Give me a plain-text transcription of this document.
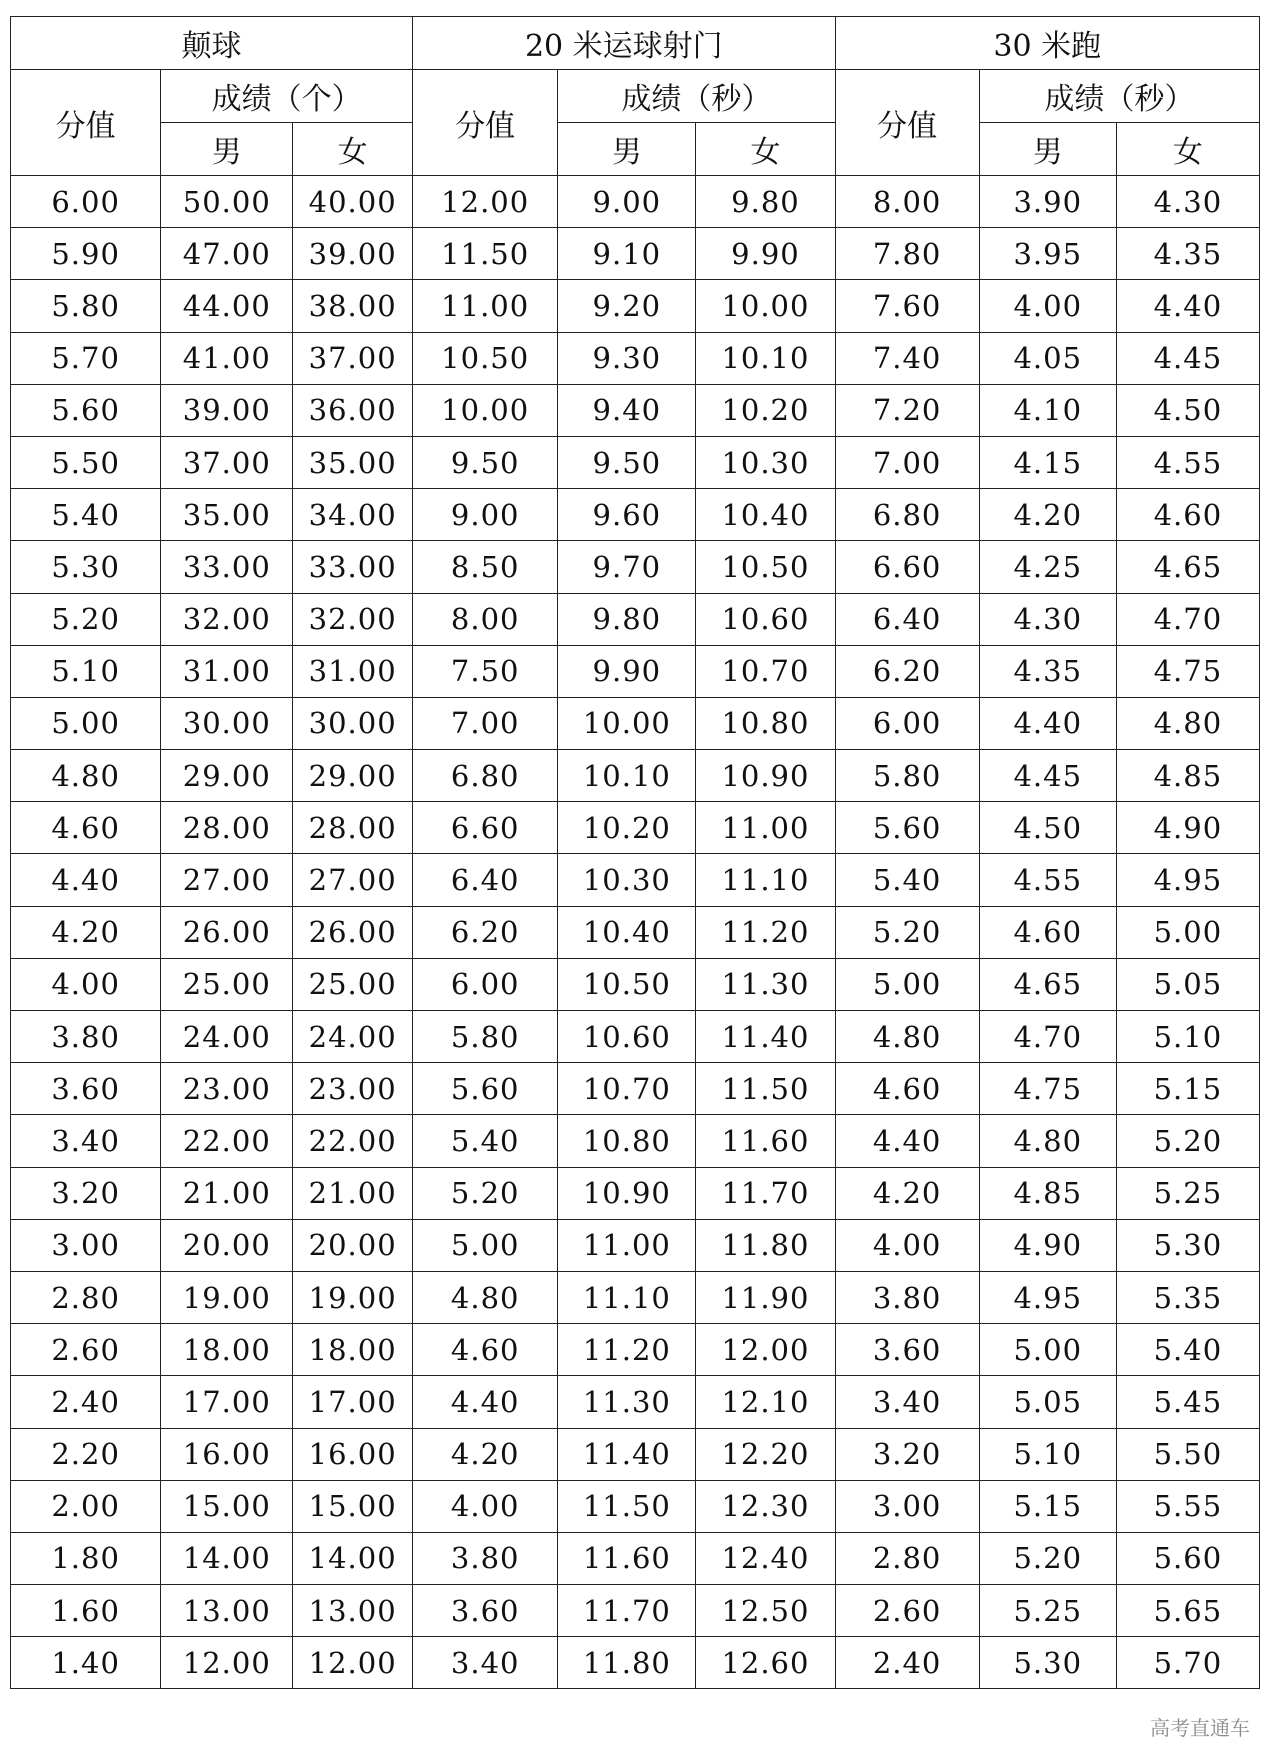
颠球			20 米运球射门			30 米跑		
分值	成绩（个）		分值	成绩（秒）		分值	成绩（秒）	
	男	女		男	女		男	女
6.00	50.00	40.00	12.00	9.00	9.80	8.00	3.90	4.30
5.90	47.00	39.00	11.50	9.10	9.90	7.80	3.95	4.35
5.80	44.00	38.00	11.00	9.20	10.00	7.60	4.00	4.40
5.70	41.00	37.00	10.50	9.30	10.10	7.40	4.05	4.45
5.60	39.00	36.00	10.00	9.40	10.20	7.20	4.10	4.50
5.50	37.00	35.00	9.50	9.50	10.30	7.00	4.15	4.55
5.40	35.00	34.00	9.00	9.60	10.40	6.80	4.20	4.60
5.30	33.00	33.00	8.50	9.70	10.50	6.60	4.25	4.65
5.20	32.00	32.00	8.00	9.80	10.60	6.40	4.30	4.70
5.10	31.00	31.00	7.50	9.90	10.70	6.20	4.35	4.75
5.00	30.00	30.00	7.00	10.00	10.80	6.00	4.40	4.80
4.80	29.00	29.00	6.80	10.10	10.90	5.80	4.45	4.85
4.60	28.00	28.00	6.60	10.20	11.00	5.60	4.50	4.90
4.40	27.00	27.00	6.40	10.30	11.10	5.40	4.55	4.95
4.20	26.00	26.00	6.20	10.40	11.20	5.20	4.60	5.00
4.00	25.00	25.00	6.00	10.50	11.30	5.00	4.65	5.05
3.80	24.00	24.00	5.80	10.60	11.40	4.80	4.70	5.10
3.60	23.00	23.00	5.60	10.70	11.50	4.60	4.75	5.15
3.40	22.00	22.00	5.40	10.80	11.60	4.40	4.80	5.20
3.20	21.00	21.00	5.20	10.90	11.70	4.20	4.85	5.25
3.00	20.00	20.00	5.00	11.00	11.80	4.00	4.90	5.30
2.80	19.00	19.00	4.80	11.10	11.90	3.80	4.95	5.35
2.60	18.00	18.00	4.60	11.20	12.00	3.60	5.00	5.40
2.40	17.00	17.00	4.40	11.30	12.10	3.40	5.05	5.45
2.20	16.00	16.00	4.20	11.40	12.20	3.20	5.10	5.50
2.00	15.00	15.00	4.00	11.50	12.30	3.00	5.15	5.55
1.80	14.00	14.00	3.80	11.60	12.40	2.80	5.20	5.60
1.60	13.00	13.00	3.60	11.70	12.50	2.60	5.25	5.65
1.40	12.00	12.00	3.40	11.80	12.60	2.40	5.30	5.70
高考直通车
